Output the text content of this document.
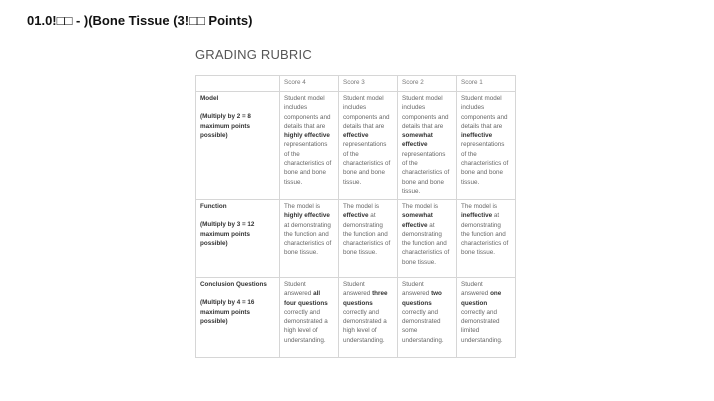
01.0!□□ - )(Bone Tissue (3!□□ Points)
GRADING RUBRIC
	Score 4	Score 3	Score 2	Score 1

Model
(Multiply by 2 = 8 maximum points possible)	Student model includes components and details that are highly effective representations of the characteristics of bone and bone tissue.	Student model includes components and details that are effective representations of the characteristics of bone and bone tissue.	Student model includes components and details that are somewhat effective representations of the characteristics of bone and bone tissue.	Student model includes components and details that are ineffective representations of the characteristics of bone and bone tissue.

Function
(Multiply by 3 = 12 maximum points possible)	The model is highly effective at demonstrating the function and characteristics of bone tissue.	The model is effective at demonstrating the function and characteristics of bone tissue.	The model is somewhat effective at demonstrating the function and characteristics of bone tissue.	The model is ineffective at demonstrating the function and characteristics of bone tissue.

Conclusion Questions
(Multiply by 4 = 16 maximum points possible)	Student answered all four questions correctly and demonstrated a high level of understanding.	Student answered three questions correctly and demonstrated a high level of understanding.	Student answered two questions correctly and demonstrated some understanding.	Student answered one question correctly and demonstrated limited understanding.
